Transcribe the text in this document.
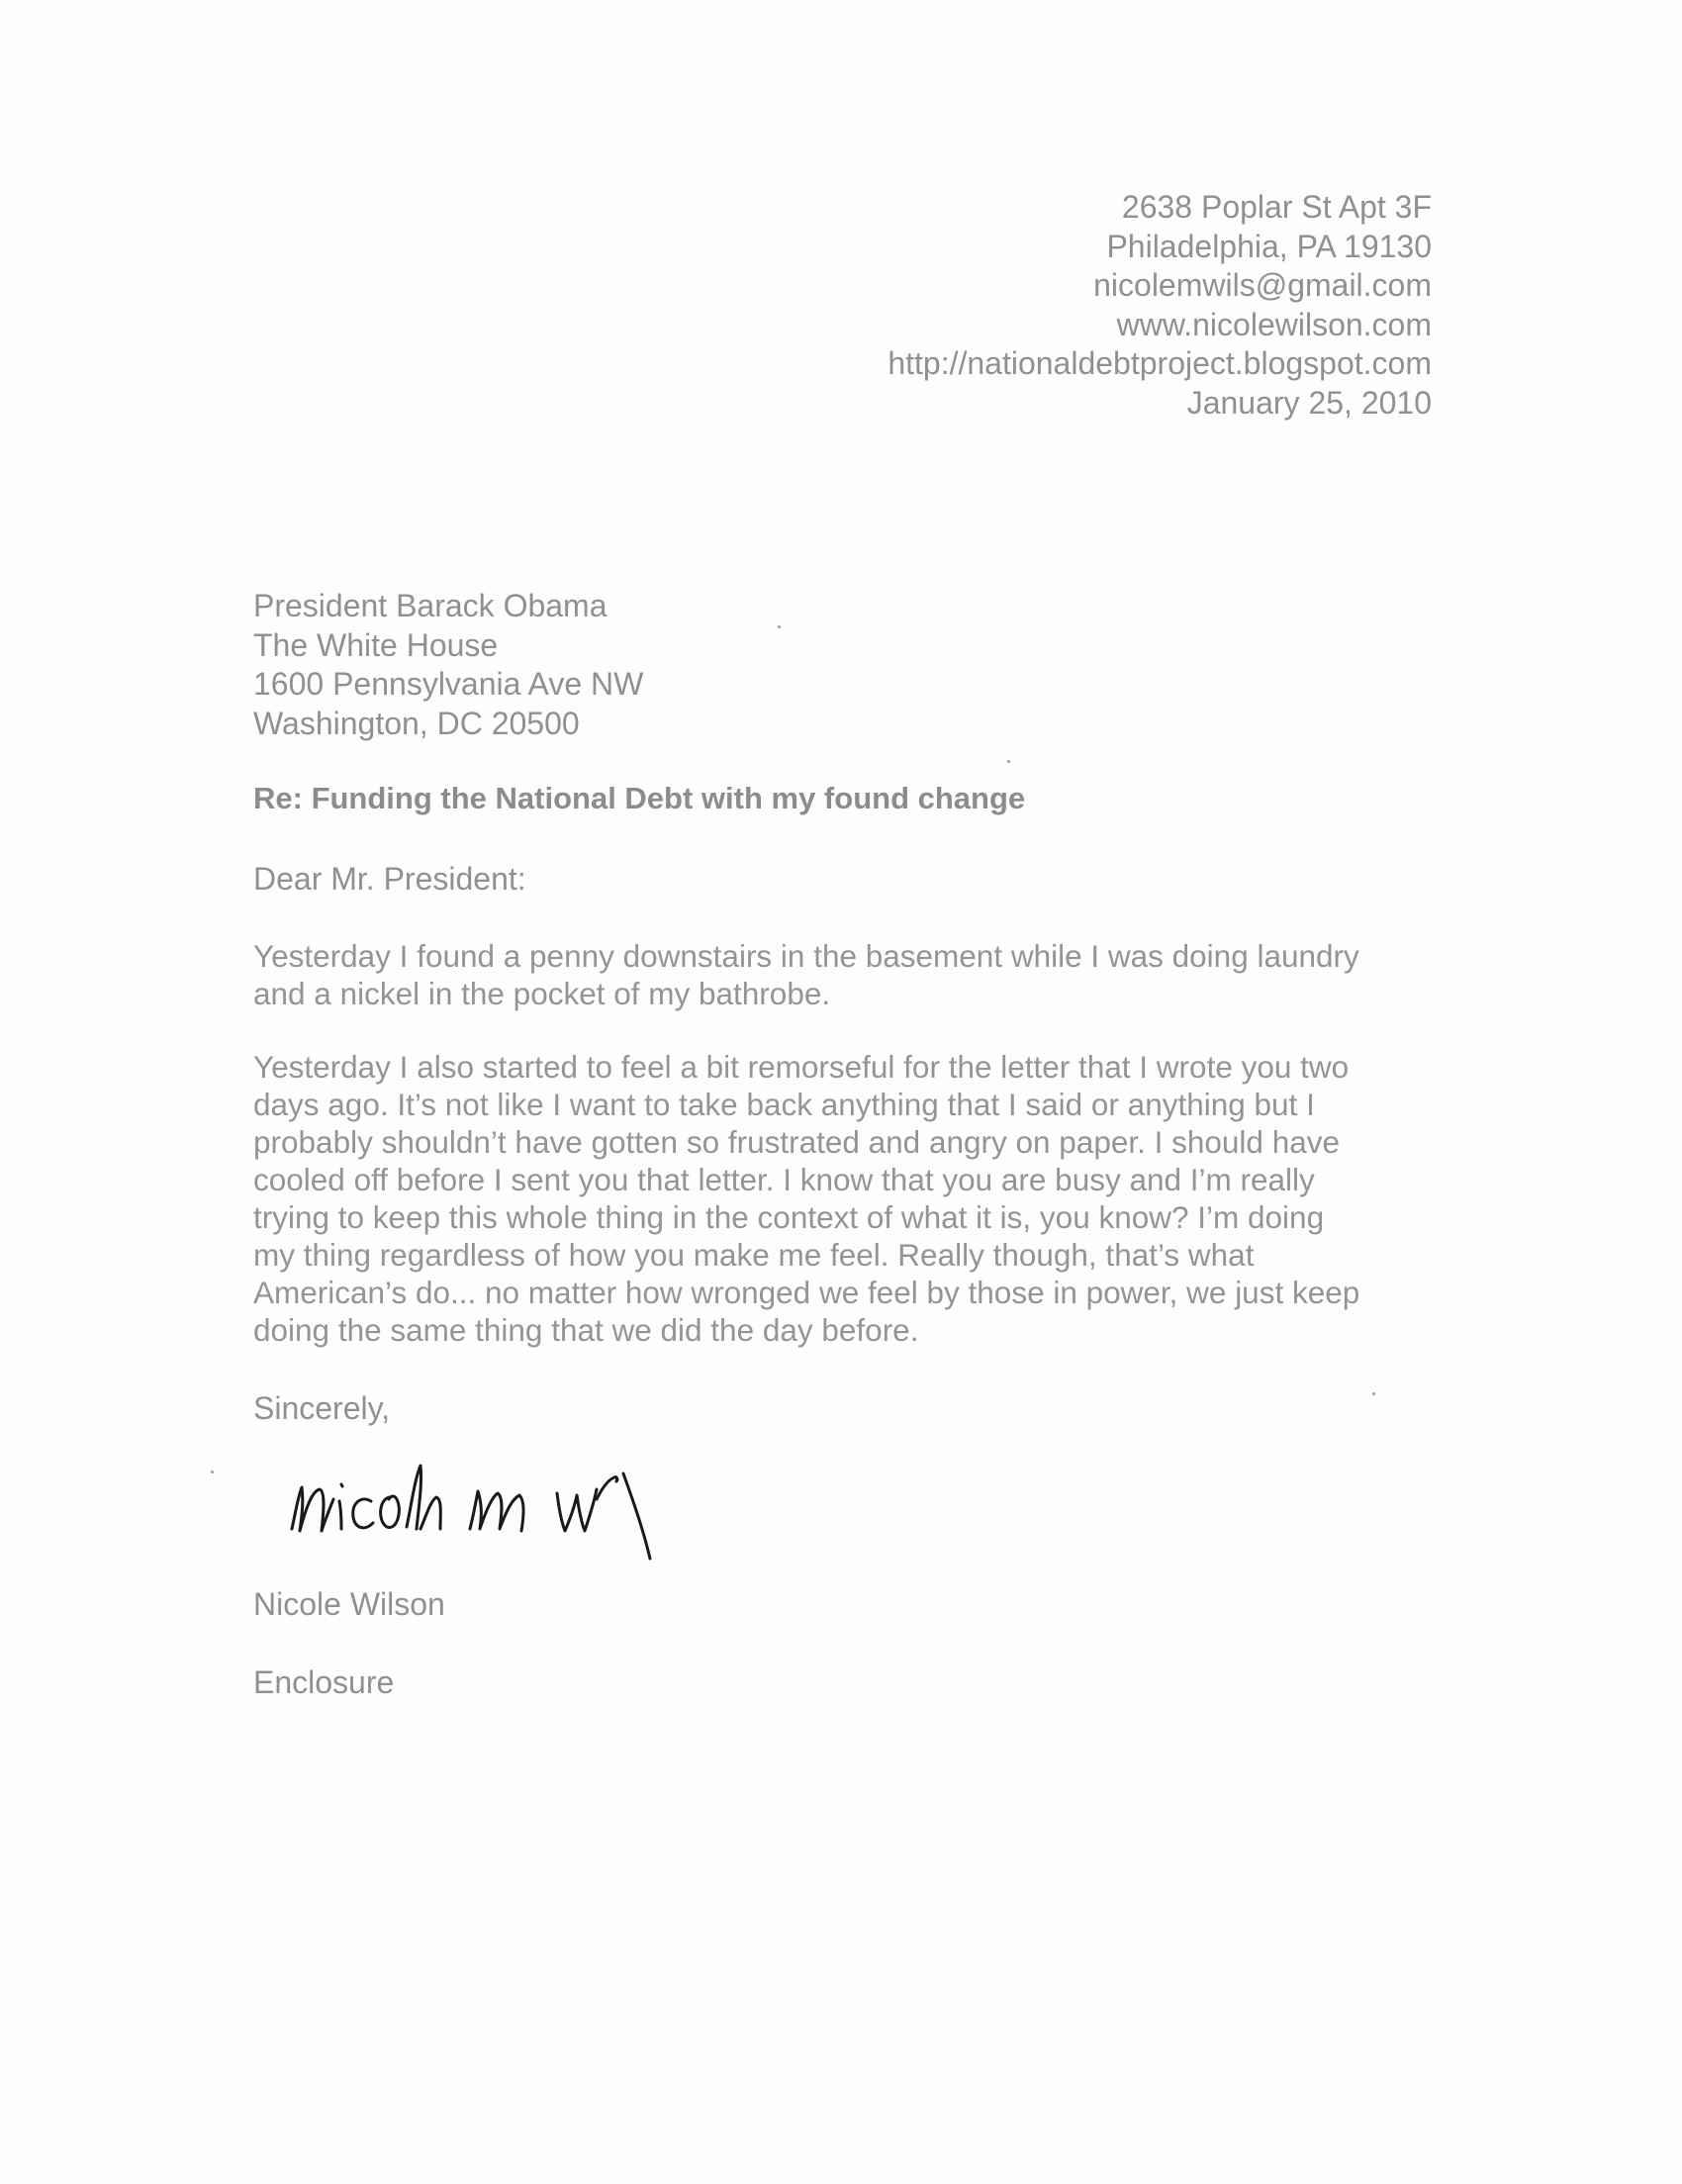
2638 Poplar St Apt 3F
Philadelphia, PA 19130
nicolemwils@gmail.com
www.nicolewilson.com
http://nationaldebtproject.blogspot.com
January 25, 2010
President Barack Obama
The White House
1600 Pennsylvania Ave NW
Washington, DC 20500
Re: Funding the National Debt with my found change
Dear Mr. President:
Yesterday I found a penny downstairs in the basement while I was doing laundry
and a nickel in the pocket of my bathrobe.
Yesterday I also started to feel a bit remorseful for the letter that I wrote you two
days ago. It’s not like I want to take back anything that I said or anything but I
probably shouldn’t have gotten so frustrated and angry on paper. I should have
cooled off before I sent you that letter. I know that you are busy and I’m really
trying to keep this whole thing in the context of what it is, you know? I’m doing
my thing regardless of how you make me feel. Really though, that’s what
American’s do... no matter how wronged we feel by those in power, we just keep
doing the same thing that we did the day before.
Sincerely,
Nicole Wilson
Enclosure
